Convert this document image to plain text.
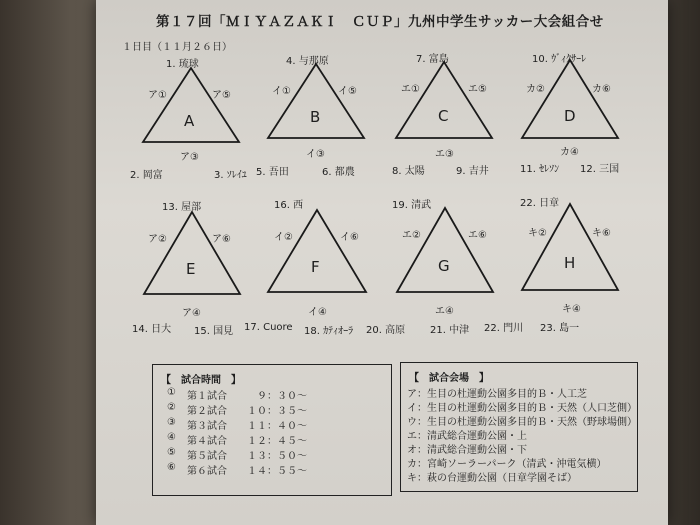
第１７回「ＭＩＹＡＺＡＫＩ　ＣＵＰ」九州中学生サッカー大会組合せ
１日目（１１月２６日）
1. 琉球
ア①	ア⑤
A
ア③
2. 岡富	3. ｿﾚｲﾕ
4. 与那原
イ①	イ⑤
B
イ③
5. 吾田	6. 都農
7. 富島
エ①	エ⑤
C
エ③
8. 太陽	9. 吉井
10. ｳﾞｨｸｻｰﾚ
カ②	カ⑥
D
カ④
11. ｾﾚｿﾝ 12. 三国
13. 屋部
ア②	ア⑥
E
ア④
14. 日大 15. 国見
16. 西
イ②	イ⑥
F
イ④
17. Cuore 18. ｶﾃｨｵｰﾗ
19. 清武
エ②	エ⑥
G
エ④
20. 高原 21. 中津
22. 日章
キ②	キ⑥
H
キ④
22. 門川 23. 島一
【　試合時間　】
① 第１試合	９：３０～
② 第２試合 １０：３５～
③ 第３試合 １１：４０～
④ 第４試合 １２：４５～
⑤ 第５試合 １３：５０～
⑥ 第６試合 １４：５５～
【　試合会場　】
ア：生目の杜運動公園多目的Ｂ・人工芝
イ：生目の杜運動公園多目的Ｂ・天然（人口芝側）
ウ：生目の杜運動公園多目的Ｂ・天然（野球場側）
エ：清武総合運動公園・上
オ：清武総合運動公園・下
カ：宮崎ソーラーパーク（清武・沖電気横）
キ：萩の台運動公園（日章学園そば）
